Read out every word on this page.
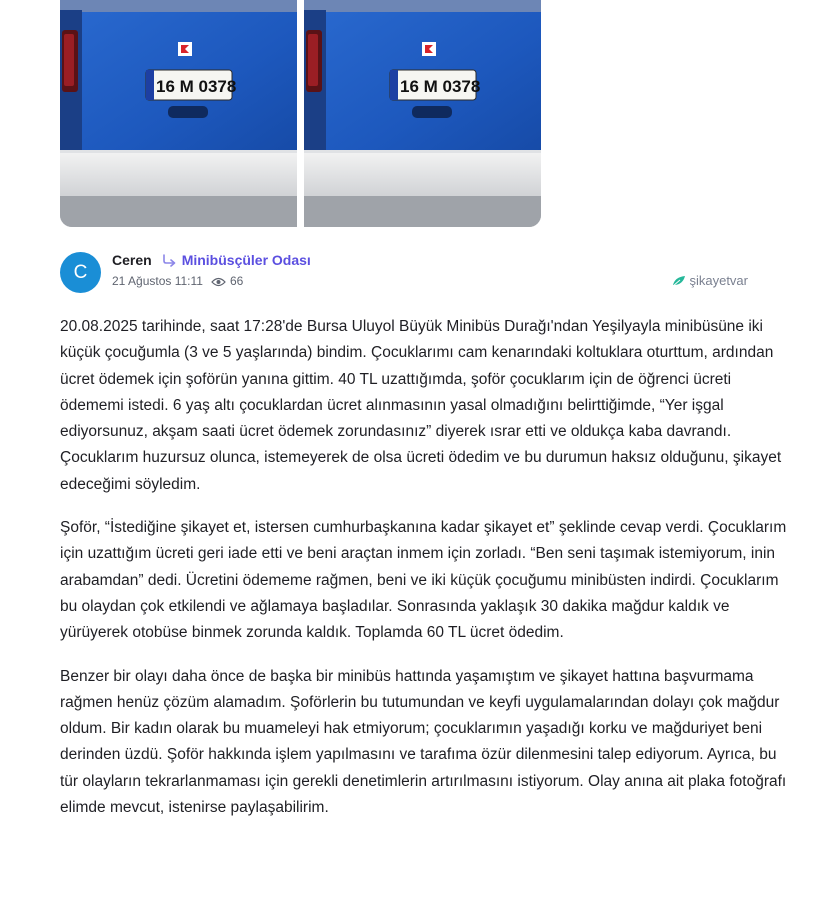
16 M 0378	16 M 0378
C
Ceren Minibüsçüler Odası
21 Ağustos 11:11 66	şikayetvar

20.08.2025 tarihinde, saat 17:28'de Bursa Uluyol Büyük Minibüs Durağı'ndan Yeşilyayla minibüsüne iki küçük çocuğumla (3 ve 5 yaşlarında) bindim. Çocuklarımı cam kenarındaki koltuklara oturttum, ardından ücret ödemek için şoförün yanına gittim. 40 TL uzattığımda, şoför çocuklarım için de öğrenci ücreti ödememi istedi. 6 yaş altı çocuklardan ücret alınmasının yasal olmadığını belirttiğimde, “Yer işgal ediyorsunuz, akşam saati ücret ödemek zorundasınız” diyerek ısrar etti ve oldukça kaba davrandı. Çocuklarım huzursuz olunca, istemeyerek de olsa ücreti ödedim ve bu durumun haksız olduğunu, şikayet edeceğimi söyledim.

Şoför, “İstediğine şikayet et, istersen cumhurbaşkanına kadar şikayet et” şeklinde cevap verdi. Çocuklarım için uzattığım ücreti geri iade etti ve beni araçtan inmem için zorladı. “Ben seni taşımak istemiyorum, inin arabamdan” dedi. Ücretini ödememe rağmen, beni ve iki küçük çocuğumu minibüsten indirdi. Çocuklarım bu olaydan çok etkilendi ve ağlamaya başladılar. Sonrasında yaklaşık 30 dakika mağdur kaldık ve yürüyerek otobüse binmek zorunda kaldık. Toplamda 60 TL ücret ödedim.

Benzer bir olayı daha önce de başka bir minibüs hattında yaşamıştım ve şikayet hattına başvurmama rağmen henüz çözüm alamadım. Şoförlerin bu tutumundan ve keyfi uygulamalarından dolayı çok mağdur oldum. Bir kadın olarak bu muameleyi hak etmiyorum; çocuklarımın yaşadığı korku ve mağduriyet beni derinden üzdü. Şoför hakkında işlem yapılmasını ve tarafıma özür dilenmesini talep ediyorum. Ayrıca, bu tür olayların tekrarlanmaması için gerekli denetimlerin artırılmasını istiyorum. Olay anına ait plaka fotoğrafı elimde mevcut, istenirse paylaşabilirim.
